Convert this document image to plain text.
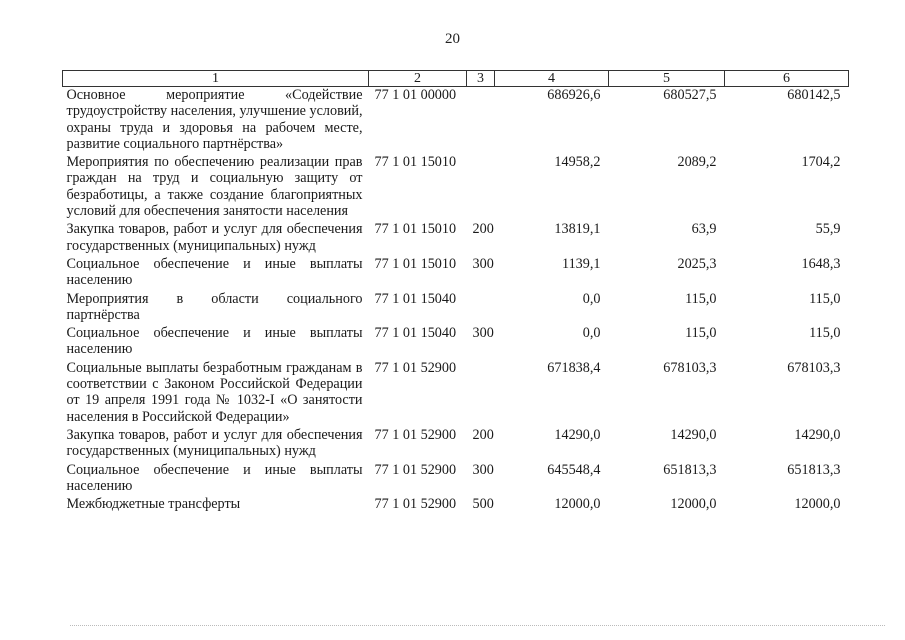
20
1	2	3	4	5	6
Основное мероприятие «Содействие трудоустройству населения, улучшение условий, охраны труда и здоровья на рабочем месте, развитие социального партнёрства»	77 1 01 00000		686926,6	680527,5	680142,5
Мероприятия по обеспечению реализации прав граждан на труд и социальную защиту от безработицы, а также создание благоприятных условий для обеспечения занятости населения	77 1 01 15010		14958,2	2089,2	1704,2
Закупка товаров, работ и услуг для обеспечения государственных (муниципальных) нужд	77 1 01 15010	200	13819,1	63,9	55,9
Социальное обеспечение и иные выплаты населению	77 1 01 15010	300	1139,1	2025,3	1648,3
Мероприятия в области социального партнёрства	77 1 01 15040		0,0	115,0	115,0
Социальное обеспечение и иные выплаты населению	77 1 01 15040	300	0,0	115,0	115,0
Социальные выплаты безработным гражданам в соответствии с Законом Российской Федерации от 19 апреля 1991 года № 1032-I «О занятости населения в Российской Федерации»	77 1 01 52900		671838,4	678103,3	678103,3
Закупка товаров, работ и услуг для обеспечения государственных (муниципальных) нужд	77 1 01 52900	200	14290,0	14290,0	14290,0
Социальное обеспечение и иные выплаты населению	77 1 01 52900	300	645548,4	651813,3	651813,3
Межбюджетные трансферты	77 1 01 52900	500	12000,0	12000,0	12000,0
